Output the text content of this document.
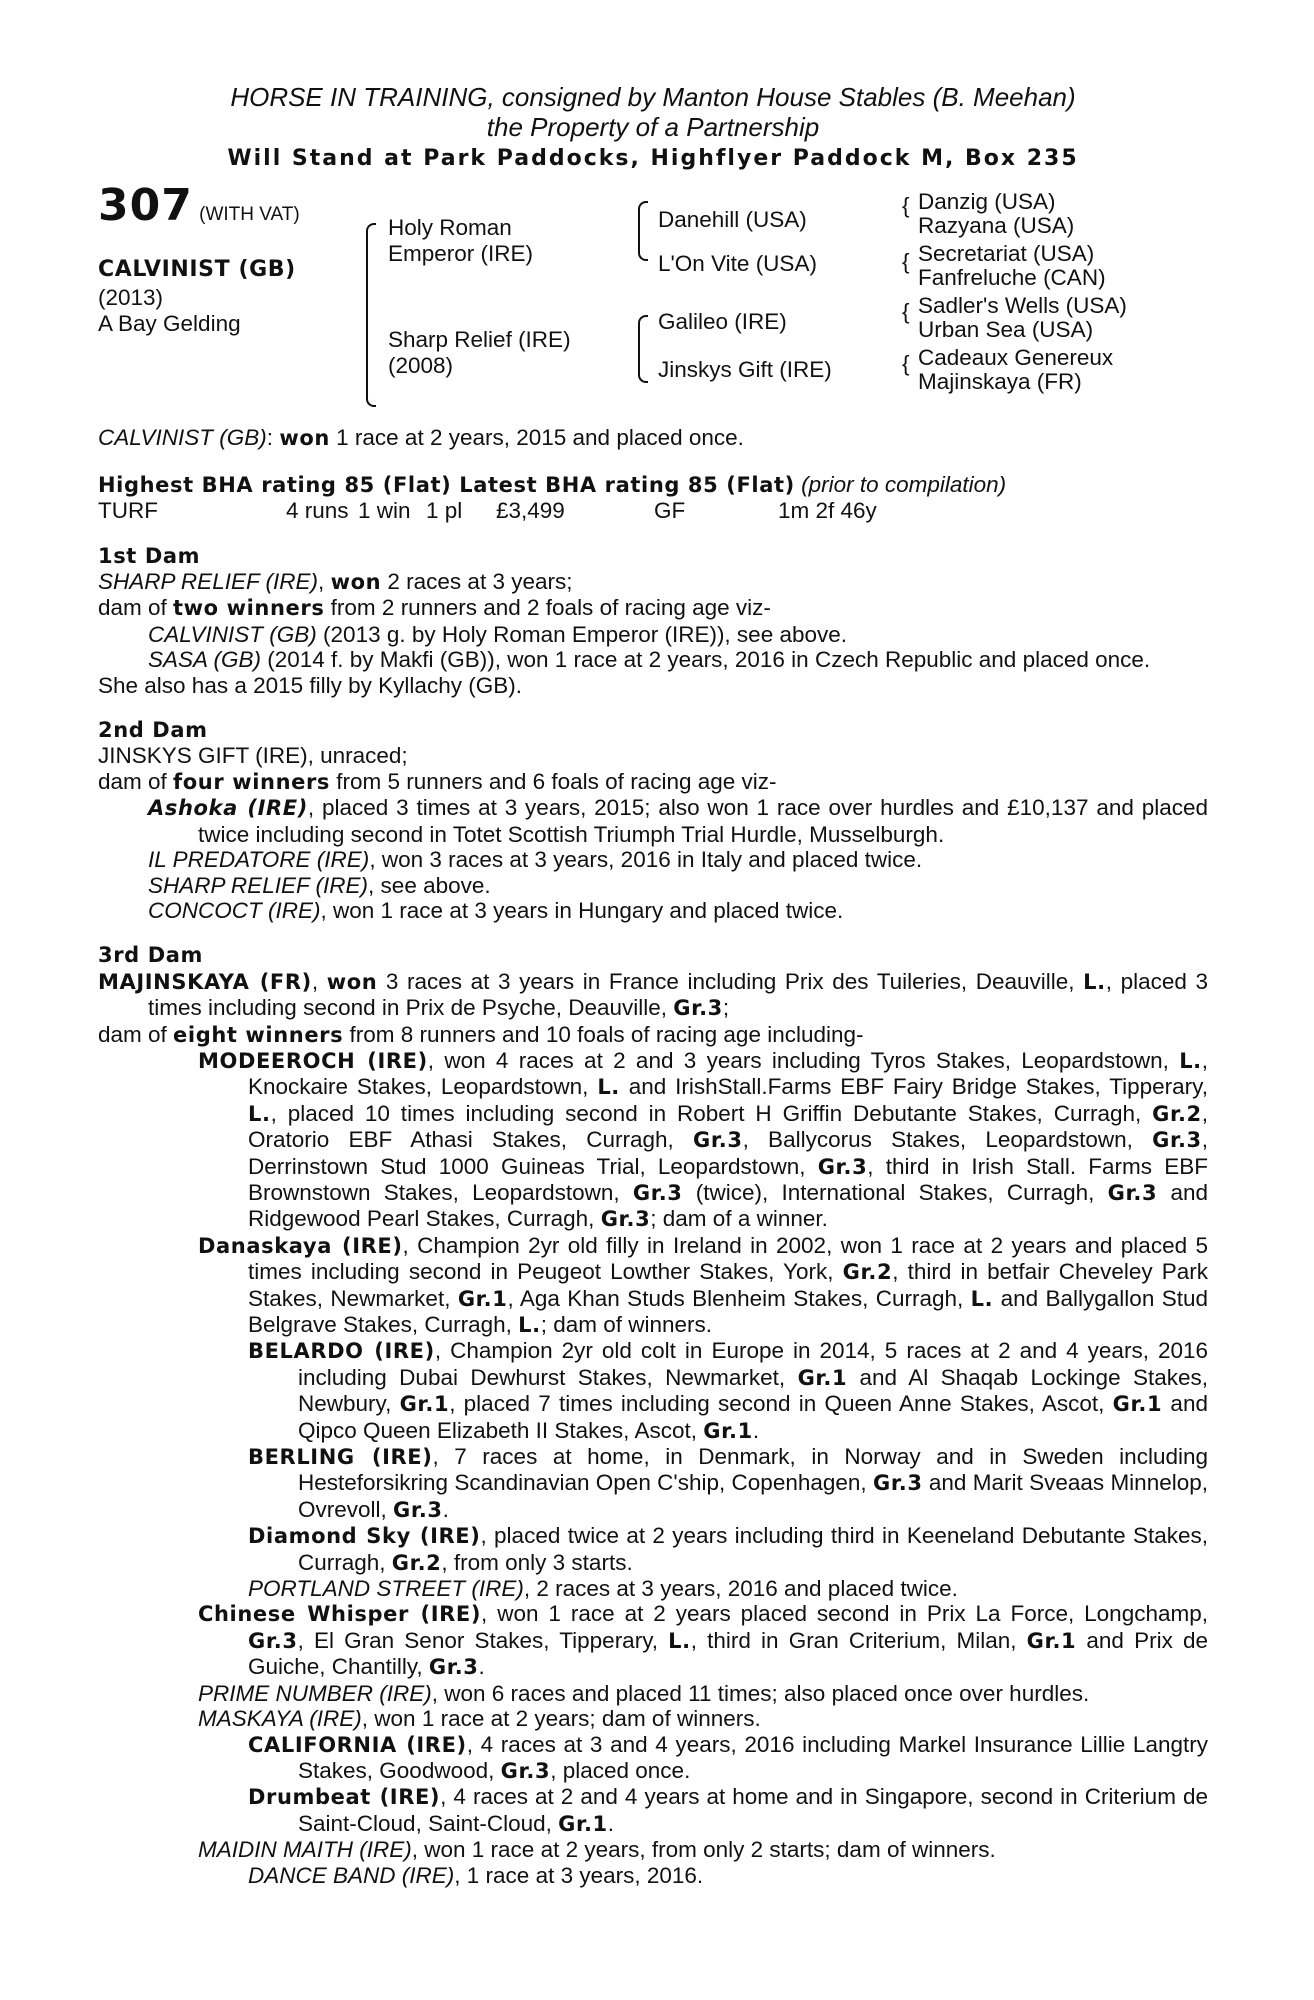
HORSE IN TRAINING, consigned by Manton House Stables (B. Meehan)
the Property of a Partnership
Will Stand at Park Paddocks, Highflyer Paddock M, Box 235
307 (WITH VAT)
CALVINIST (GB)
(2013)
A Bay Gelding
Holy Roman
Emperor (IRE)
Sharp Relief (IRE)
(2008)
Danehill (USA)
L'On Vite (USA)
Galileo (IRE)
Jinskys Gift (IRE)
{ Danzig (USA)
Razyana (USA)
{ Secretariat (USA)
Fanfreluche (CAN)
{ Sadler's Wells (USA)
Urban Sea (USA)
{ Cadeaux Genereux
Majinskaya (FR)
CALVINIST (GB): won 1 race at 2 years, 2015 and placed once.
Highest BHA rating 85 (Flat) Latest BHA rating 85 (Flat) (prior to compilation)
TURF	4 runs 1 win 1 pl £3,499	GF	1m 2f 46y
1st Dam
SHARP RELIEF (IRE), won 2 races at 3 years;
dam of two winners from 2 runners and 2 foals of racing age viz-
CALVINIST (GB) (2013 g. by Holy Roman Emperor (IRE)), see above.
SASA (GB) (2014 f. by Makfi (GB)), won 1 race at 2 years, 2016 in Czech Republic and placed once.
She also has a 2015 filly by Kyllachy (GB).
2nd Dam
JINSKYS GIFT (IRE), unraced;
dam of four winners from 5 runners and 6 foals of racing age viz-
Ashoka (IRE), placed 3 times at 3 years, 2015; also won 1 race over hurdles and £10,137 and placed twice including second in Totet Scottish Triumph Trial Hurdle, Musselburgh.
IL PREDATORE (IRE), won 3 races at 3 years, 2016 in Italy and placed twice.
SHARP RELIEF (IRE), see above.
CONCOCT (IRE), won 1 race at 3 years in Hungary and placed twice.
3rd Dam
MAJINSKAYA (FR), won 3 races at 3 years in France including Prix des Tuileries, Deauville, L., placed 3 times including second in Prix de Psyche, Deauville, Gr.3;
dam of eight winners from 8 runners and 10 foals of racing age including-
MODEEROCH (IRE), won 4 races at 2 and 3 years including Tyros Stakes, Leopardstown, L., Knockaire Stakes, Leopardstown, L. and IrishStall.Farms EBF Fairy Bridge Stakes, Tipperary, L., placed 10 times including second in Robert H Griffin Debutante Stakes, Curragh, Gr.2, Oratorio EBF Athasi Stakes, Curragh, Gr.3, Ballycorus Stakes, Leopardstown, Gr.3, Derrinstown Stud 1000 Guineas Trial, Leopardstown, Gr.3, third in Irish Stall. Farms EBF Brownstown Stakes, Leopardstown, Gr.3 (twice), International Stakes, Curragh, Gr.3 and Ridgewood Pearl Stakes, Curragh, Gr.3; dam of a winner.
Danaskaya (IRE), Champion 2yr old filly in Ireland in 2002, won 1 race at 2 years and placed 5 times including second in Peugeot Lowther Stakes, York, Gr.2, third in betfair Cheveley Park Stakes, Newmarket, Gr.1, Aga Khan Studs Blenheim Stakes, Curragh, L. and Ballygallon Stud Belgrave Stakes, Curragh, L.; dam of winners.
BELARDO (IRE), Champion 2yr old colt in Europe in 2014, 5 races at 2 and 4 years, 2016 including Dubai Dewhurst Stakes, Newmarket, Gr.1 and Al Shaqab Lockinge Stakes, Newbury, Gr.1, placed 7 times including second in Queen Anne Stakes, Ascot, Gr.1 and Qipco Queen Elizabeth II Stakes, Ascot, Gr.1.
BERLING (IRE), 7 races at home, in Denmark, in Norway and in Sweden including Hesteforsikring Scandinavian Open C'ship, Copenhagen, Gr.3 and Marit Sveaas Minnelop, Ovrevoll, Gr.3.
Diamond Sky (IRE), placed twice at 2 years including third in Keeneland Debutante Stakes, Curragh, Gr.2, from only 3 starts.
PORTLAND STREET (IRE), 2 races at 3 years, 2016 and placed twice.
Chinese Whisper (IRE), won 1 race at 2 years placed second in Prix La Force, Longchamp, Gr.3, El Gran Senor Stakes, Tipperary, L., third in Gran Criterium, Milan, Gr.1 and Prix de Guiche, Chantilly, Gr.3.
PRIME NUMBER (IRE), won 6 races and placed 11 times; also placed once over hurdles.
MASKAYA (IRE), won 1 race at 2 years; dam of winners.
CALIFORNIA (IRE), 4 races at 3 and 4 years, 2016 including Markel Insurance Lillie Langtry Stakes, Goodwood, Gr.3, placed once.
Drumbeat (IRE), 4 races at 2 and 4 years at home and in Singapore, second in Criterium de Saint-Cloud, Saint-Cloud, Gr.1.
MAIDIN MAITH (IRE), won 1 race at 2 years, from only 2 starts; dam of winners.
DANCE BAND (IRE), 1 race at 3 years, 2016.
